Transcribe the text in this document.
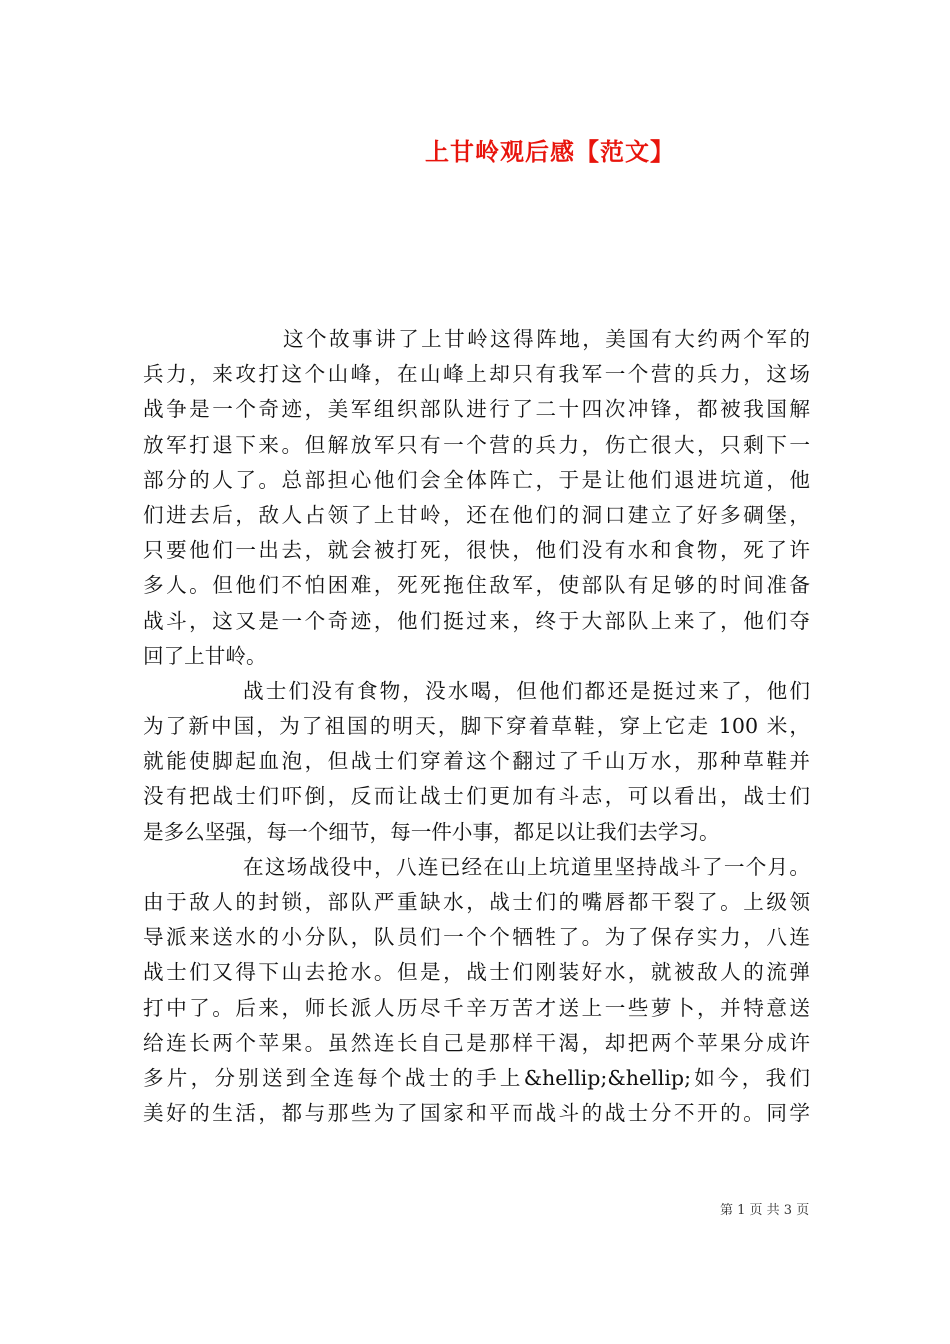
上甘岭观后感【范文】
这个故事讲了上甘岭这得阵地，美国有大约两个军的
兵力，来攻打这个山峰，在山峰上却只有我军一个营的兵力，这场
战争是一个奇迹，美军组织部队进行了二十四次冲锋，都被我国解
放军打退下来。但解放军只有一个营的兵力，伤亡很大，只剩下一
部分的人了。总部担心他们会全体阵亡，于是让他们退进坑道，他
们进去后，敌人占领了上甘岭，还在他们的洞口建立了好多碉堡，
只要他们一出去，就会被打死，很快，他们没有水和食物，死了许
多人。但他们不怕困难，死死拖住敌军，使部队有足够的时间准备
战斗，这又是一个奇迹，他们挺过来，终于大部队上来了，他们夺
回了上甘岭。
战士们没有食物，没水喝，但他们都还是挺过来了，他们
为了新中国，为了祖国的明天，脚下穿着草鞋，穿上它走 100 米，
就能使脚起血泡，但战士们穿着这个翻过了千山万水，那种草鞋并
没有把战士们吓倒，反而让战士们更加有斗志，可以看出，战士们
是多么坚强，每一个细节，每一件小事，都足以让我们去学习。
在这场战役中，八连已经在山上坑道里坚持战斗了一个月。
由于敌人的封锁，部队严重缺水，战士们的嘴唇都干裂了。上级领
导派来送水的小分队，队员们一个个牺牲了。为了保存实力，八连
战士们又得下山去抢水。但是，战士们刚装好水，就被敌人的流弹
打中了。后来，师长派人历尽千辛万苦才送上一些萝卜，并特意送
给连长两个苹果。虽然连长自己是那样干渴，却把两个苹果分成许
多片，分别送到全连每个战士的手上&hellip;&hellip;如今，我们
美好的生活，都与那些为了国家和平而战斗的战士分不开的。同学
第 1 页 共 3 页
